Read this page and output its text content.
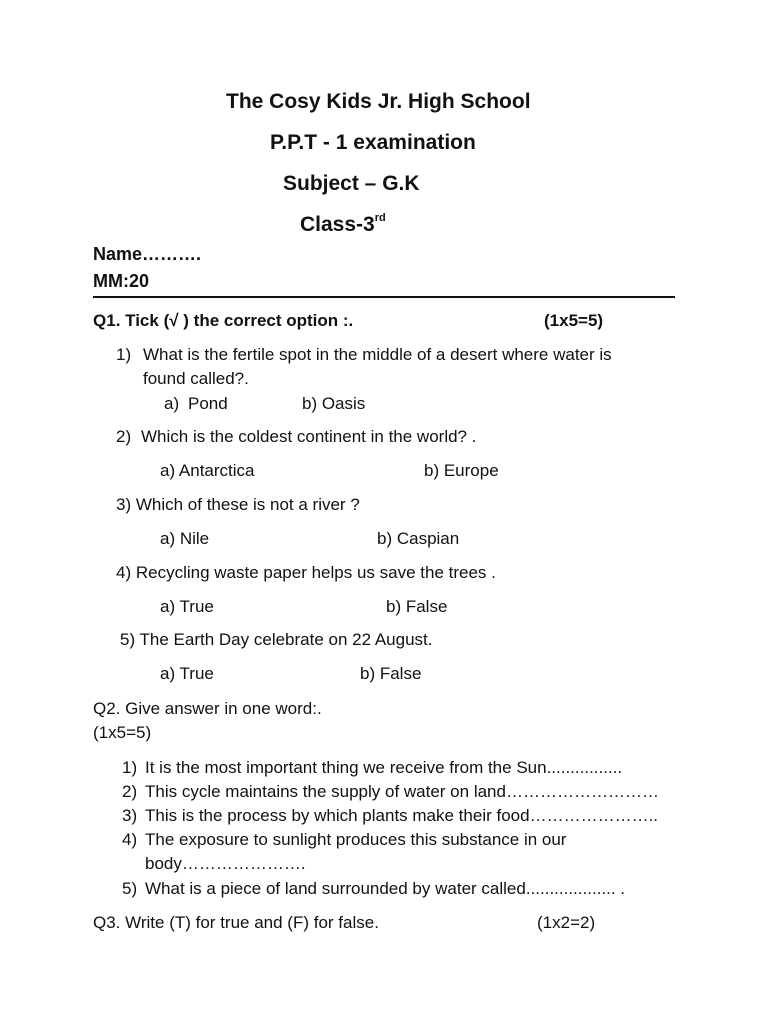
The Cosy Kids Jr. High School
P.P.T - 1 examination
Subject – G.K
Class-3rd
Name……….
MM:20
Q1. Tick (√ ) the correct option :.	(1x5=5)
1) What is the fertile spot in the middle of a desert where water is
found called?.
a) Pond	b) Oasis
2) Which is the coldest continent in the world? .
a) Antarctica	b) Europe
3) Which of these is not a river ?
a) Nile	b) Caspian
4) Recycling waste paper helps us save the trees .
a) True	b) False
5) The Earth Day celebrate on 22 August.
a) True	b) False
Q2. Give answer in one word:.
(1x5=5)
1) It is the most important thing we receive from the Sun................
2) This cycle maintains the supply of water on land………………………
3) This is the process by which plants make their food…………………..
4) The exposure to sunlight produces this substance in our
body………………….
5) What is a piece of land surrounded by water called................... .
Q3. Write (T) for true and (F) for false.	(1x2=2)
